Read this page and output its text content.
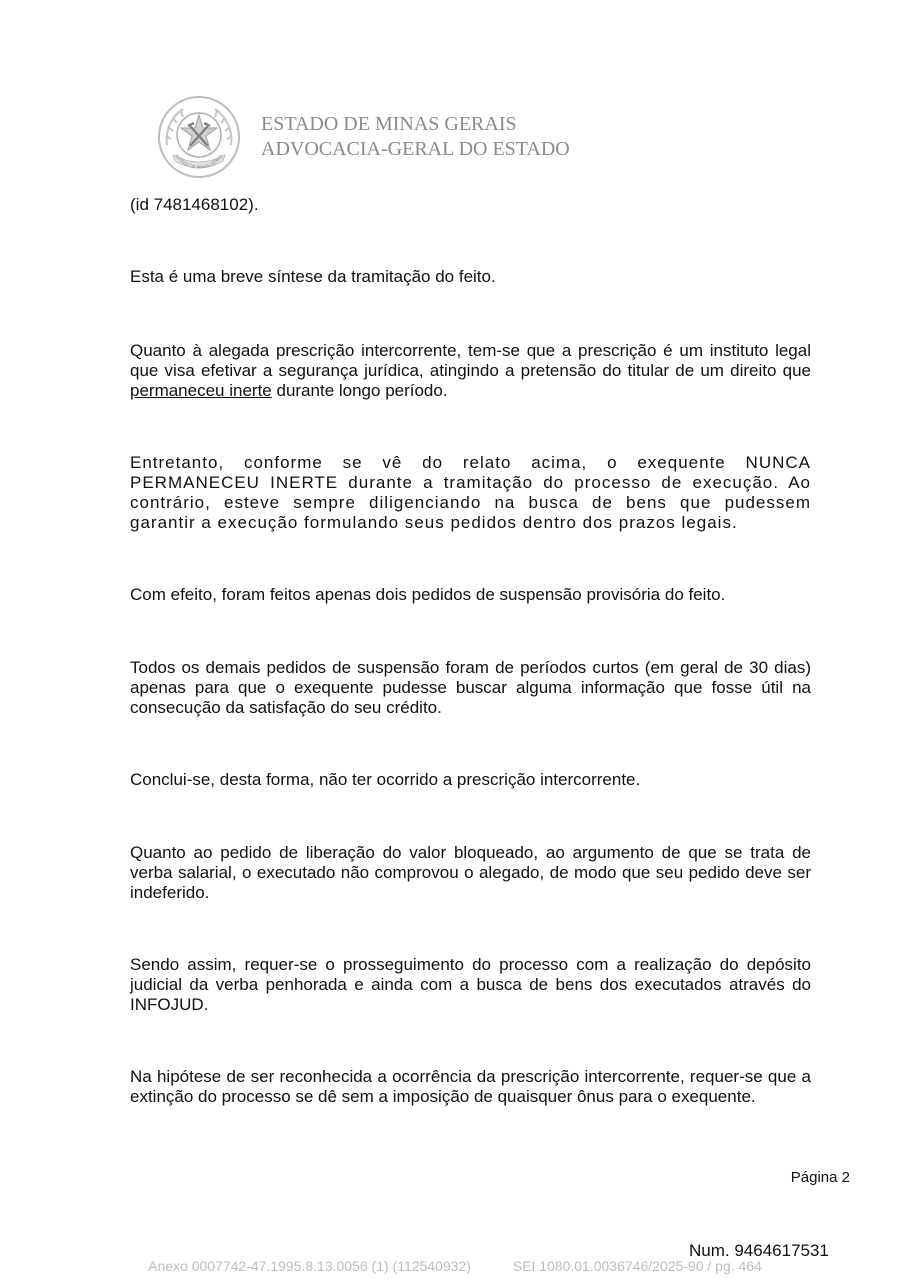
ESTADO DE MINAS GERAIS
ESTADO DE MINAS GERAIS
ADVOCACIA-GERAL DO ESTADO

(id 7481468102).

Esta é uma breve síntese da tramitação do feito.

Quanto à alegada prescrição intercorrente, tem-se que a prescrição é um instituto legal que visa efetivar a segurança jurídica, atingindo a pretensão do titular de um direito que permaneceu inerte durante longo período.

Entretanto, conforme se vê do relato acima, o exequente NUNCA PERMANECEU INERTE durante a tramitação do processo de execução. Ao contrário, esteve sempre diligenciando na busca de bens que pudessem garantir a execução formulando seus pedidos dentro dos prazos legais.

Com efeito, foram feitos apenas dois pedidos de suspensão provisória do feito.

Todos os demais pedidos de suspensão foram de períodos curtos (em geral de 30 dias) apenas para que o exequente pudesse buscar alguma informação que fosse útil na consecução da satisfação do seu crédito.

Conclui-se, desta forma, não ter ocorrido a prescrição intercorrente.

Quanto ao pedido de liberação do valor bloqueado, ao argumento de que se trata de verba salarial, o executado não comprovou o alegado, de modo que seu pedido deve ser indeferido.

Sendo assim, requer-se o prosseguimento do processo com a realização do depósito judicial da verba penhorada e ainda com a busca de bens dos executados através do INFOJUD.

Na hipótese de ser reconhecida a ocorrência da prescrição intercorrente, requer-se que a extinção do processo se dê sem a imposição de quaisquer ônus para o exequente.

Página 2
Num. 9464617531
Anexo 0007742-47.1995.8.13.0056 (1) (112540932)	SEI 1080.01.0036746/2025-90 / pg. 464
